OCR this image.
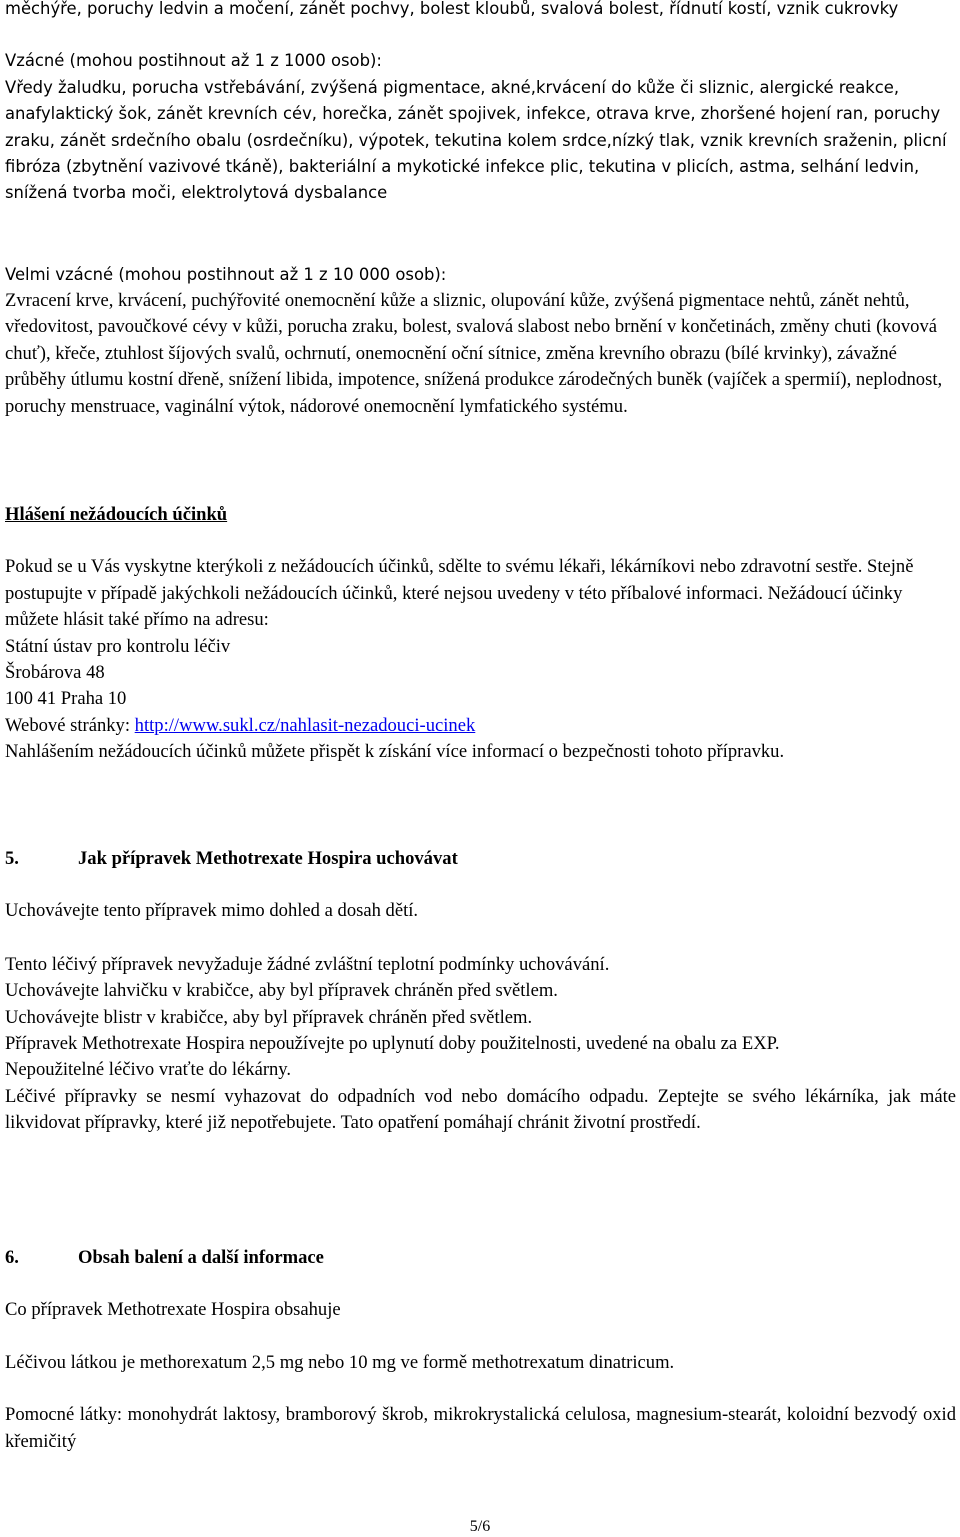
měchýře, poruchy ledvin a močení, zánět pochvy, bolest kloubů, svalová bolest, řídnutí kostí, vznik cukrovky

Vzácné (mohou postihnout až 1 z 1000 osob):

Vředy žaludku, porucha vstřebávání, zvýšená pigmentace, akné,krvácení do kůže či sliznic, alergické reakce, anafylaktický šok, zánět krevních cév, horečka, zánět spojivek, infekce, otrava krve, zhoršené hojení ran, poruchy zraku, zánět srdečního obalu (osrdečníku), výpotek, tekutina kolem srdce,nízký tlak, vznik krevních sraženin, plicní fibróza (zbytnění vazivové tkáně), bakteriální a mykotické infekce plic, tekutina v plicích, astma, selhání ledvin, snížená tvorba moči, elektrolytová dysbalance

Velmi vzácné (mohou postihnout až 1 z 10 000 osob):

Zvracení krve, krvácení, puchýřovité onemocnění kůže a sliznic, olupování kůže, zvýšená pigmentace nehtů, zánět nehtů, vředovitost, pavoučkové cévy v kůži, porucha zraku, bolest, svalová slabost nebo brnění v končetinách, změny chuti (kovová chuť), křeče, ztuhlost šíjových svalů, ochrnutí, onemocnění oční sítnice, změna krevního obrazu (bílé krvinky), závažné průběhy útlumu kostní dřeně, snížení libida, impotence, snížená produkce zárodečných buněk (vajíček a spermií), neplodnost, poruchy menstruace, vaginální výtok, nádorové onemocnění lymfatického systému.

Hlášení nežádoucích účinků

Pokud se u Vás vyskytne kterýkoli z nežádoucích účinků, sdělte to svému lékaři, lékárníkovi nebo zdravotní sestře. Stejně postupujte v případě jakýchkoli nežádoucích účinků, které nejsou uvedeny v této příbalové informaci. Nežádoucí účinky můžete hlásit také přímo na adresu:

Státní ústav pro kontrolu léčiv

Šrobárova 48

100 41 Praha 10

Webové stránky: http://www.sukl.cz/nahlasit-nezadouci-ucinek

Nahlášením nežádoucích účinků můžete přispět k získání více informací o bezpečnosti tohoto přípravku.

5.	Jak přípravek Methotrexate Hospira uchovávat

Uchovávejte tento přípravek mimo dohled a dosah dětí.

Tento léčivý přípravek nevyžaduje žádné zvláštní teplotní podmínky uchovávání.

Uchovávejte lahvičku v krabičce, aby byl přípravek chráněn před světlem.

Uchovávejte blistr v krabičce, aby byl přípravek chráněn před světlem.

Přípravek Methotrexate Hospira nepoužívejte po uplynutí doby použitelnosti, uvedené na obalu za EXP.

Nepoužitelné léčivo vraťte do lékárny.

Léčivé přípravky se nesmí vyhazovat do odpadních vod nebo domácího odpadu. Zeptejte se svého lékárníka, jak máte likvidovat přípravky, které již nepotřebujete. Tato opatření pomáhají chránit životní prostředí.

6.	Obsah balení a další informace

Co přípravek Methotrexate Hospira obsahuje

Léčivou látkou je methorexatum 2,5 mg nebo 10 mg ve formě methotrexatum dinatricum.

Pomocné látky: monohydrát laktosy, bramborový škrob, mikrokrystalická celulosa, magnesium-stearát, koloidní bezvodý oxid křemičitý

5/6
